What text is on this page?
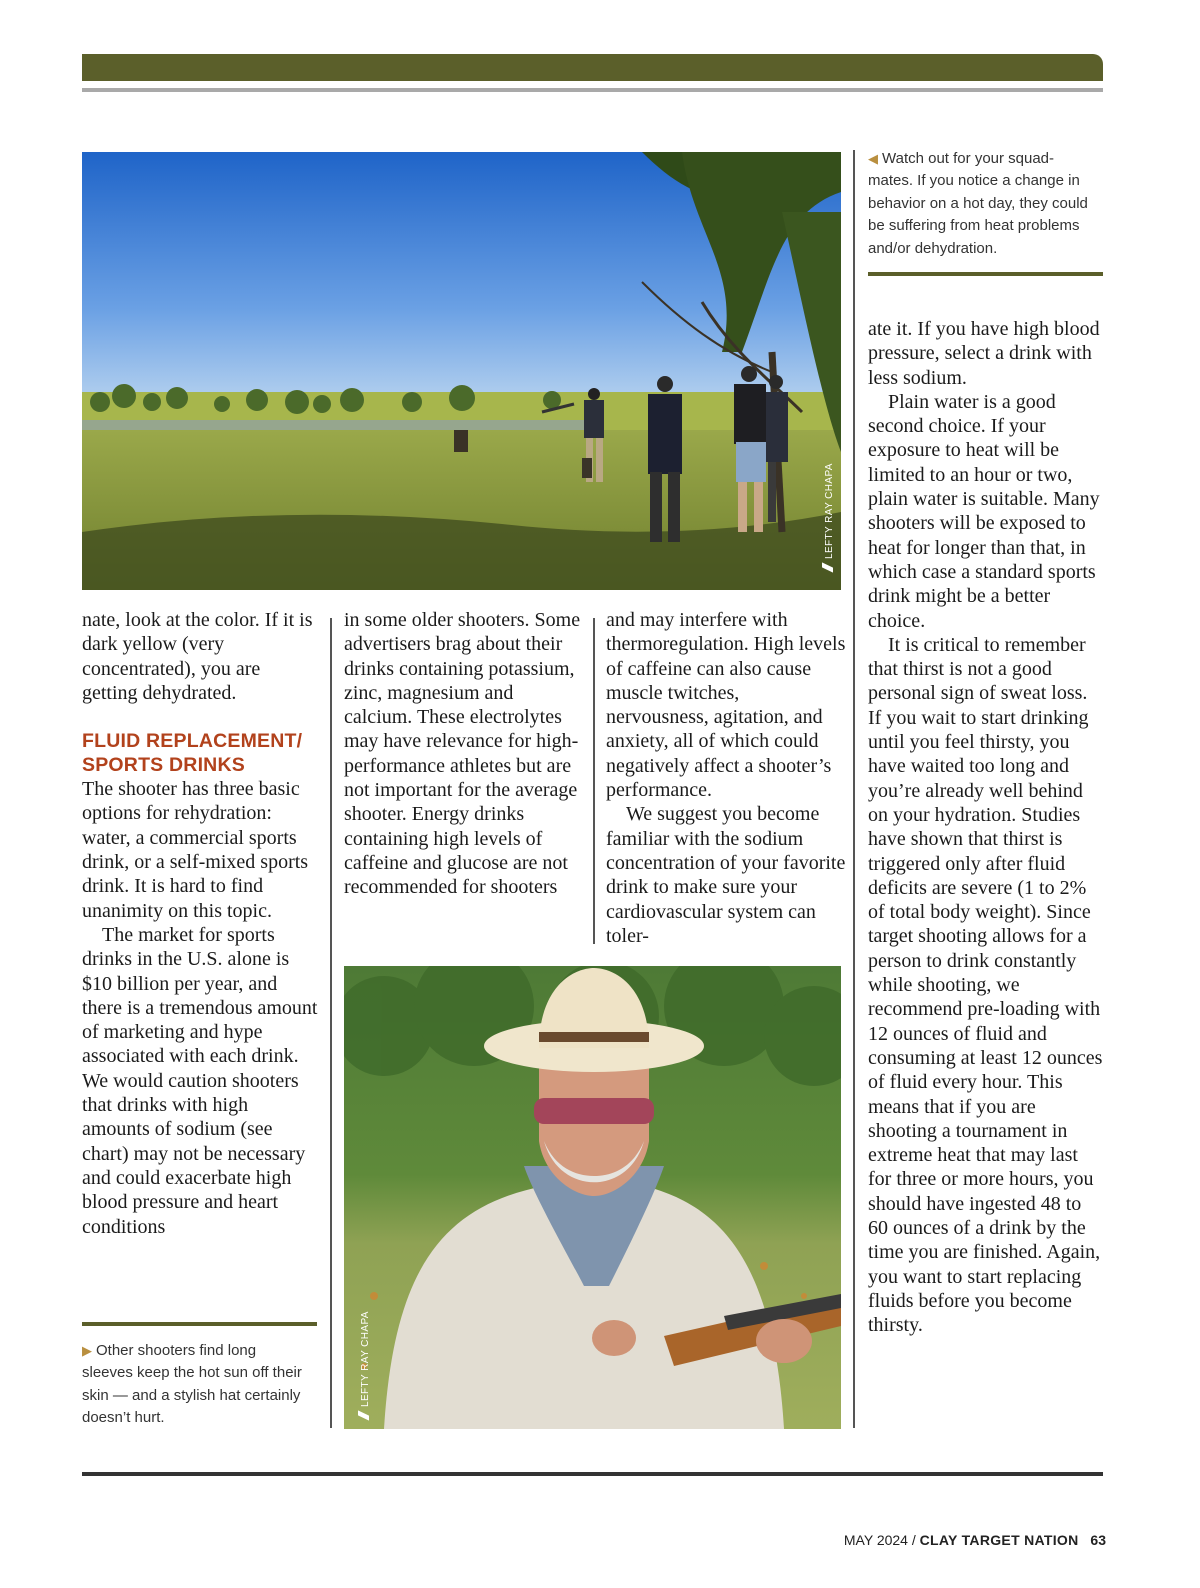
LEFTY RAY CHAPA
LEFTY RAY CHAPA
◀ Watch out for your squad-mates. If you notice a change in behavior on a hot day, they could be suffering from heat problems and/or dehydration.

nate, look at the color. If it is dark yellow (very concentrated), you are getting dehydrated.

FLUID REPLACEMENT/ SPORTS DRINKS

The shooter has three basic options for rehydration: water, a commercial sports drink, or a self-mixed sports drink. It is hard to find unanimity on this topic.

The market for sports drinks in the U.S. alone is $10 billion per year, and there is a tremendous amount of marketing and hype associated with each drink. We would caution shooters that drinks with high amounts of sodium (see chart) may not be necessary and could exacerbate high blood pressure and heart conditions

▶ Other shooters find long sleeves keep the hot sun off their skin — and a stylish hat certainly doesn’t hurt.

in some older shooters. Some advertisers brag about their drinks containing potassium, zinc, magnesium and calcium. These electrolytes may have relevance for high-performance athletes but are not important for the average shooter. Energy drinks containing high levels of caffeine and glucose are not recommended for shooters

and may interfere with thermoregulation. High levels of caffeine can also cause muscle twitches, nervousness, agitation, and anxiety, all of which could negatively affect a shooter’s performance.

We suggest you become familiar with the sodium concentration of your favorite drink to make sure your cardiovascular system can toler-

ate it. If you have high blood pressure, select a drink with less sodium.

Plain water is a good second choice. If your exposure to heat will be limited to an hour or two, plain water is suitable. Many shooters will be exposed to heat for longer than that, in which case a standard sports drink might be a better choice.

It is critical to remember that thirst is not a good personal sign of sweat loss. If you wait to start drinking until you feel thirsty, you have waited too long and you’re already well behind on your hydration. Studies have shown that thirst is triggered only after fluid deficits are severe (1 to 2% of total body weight). Since target shooting allows for a person to drink constantly while shooting, we recommend pre-loading with 12 ounces of fluid and consuming at least 12 ounces of fluid every hour. This means that if you are shooting a tournament in extreme heat that may last for three or more hours, you should have ingested 48 to 60 ounces of a drink by the time you are finished. Again, you want to start replacing fluids before you become thirsty.

MAY 2024 / CLAY TARGET NATION 63
